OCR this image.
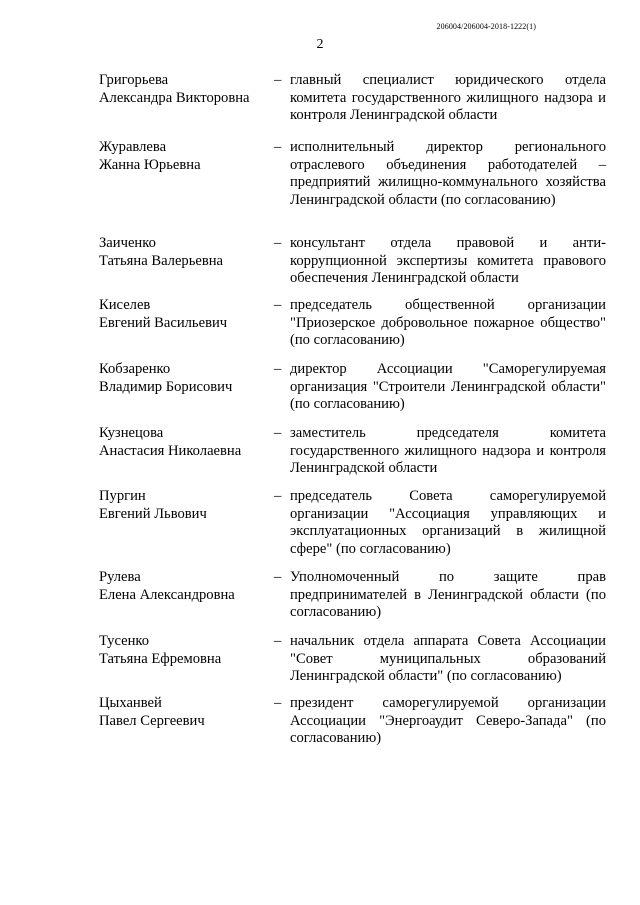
206004/206004-2018-1222(1)
2
Григорьева
Александра Викторовна
– главный специалист юридического отдела комитета государственного жилищного надзора и контроля Ленинградской области
Журавлева
Жанна Юрьевна
– исполнительный директор регионального отраслевого объединения работодателей – предприятий жилищно-коммунального хозяйства Ленинградской области (по согласованию)
Заиченко
Татьяна Валерьевна
– консультант отдела правовой и анти-коррупционной экспертизы комитета правового обеспечения Ленинградской области
Киселев
Евгений Васильевич
– председатель общественной организации "Приозерское добровольное пожарное общество" (по согласованию)
Кобзаренко
Владимир Борисович
– директор Ассоциации "Саморегулируемая организация "Строители Ленинградской области" (по согласованию)
Кузнецова
Анастасия Николаевна
– заместитель председателя комитета государственного жилищного надзора и контроля Ленинградской области
Пургин
Евгений Львович
– председатель Совета саморегулируемой организации "Ассоциация управляющих и эксплуатационных организаций в жилищной сфере" (по согласованию)
Рулева
Елена Александровна
– Уполномоченный по защите прав предпринимателей в Ленинградской области (по согласованию)
Тусенко
Татьяна Ефремовна
– начальник отдела аппарата Совета Ассоциации "Совет муниципальных образований Ленинградской области" (по согласованию)
Цыханвей
Павел Сергеевич
– президент саморегулируемой организации Ассоциации "Энергоаудит Северо-Запада" (по согласованию)
